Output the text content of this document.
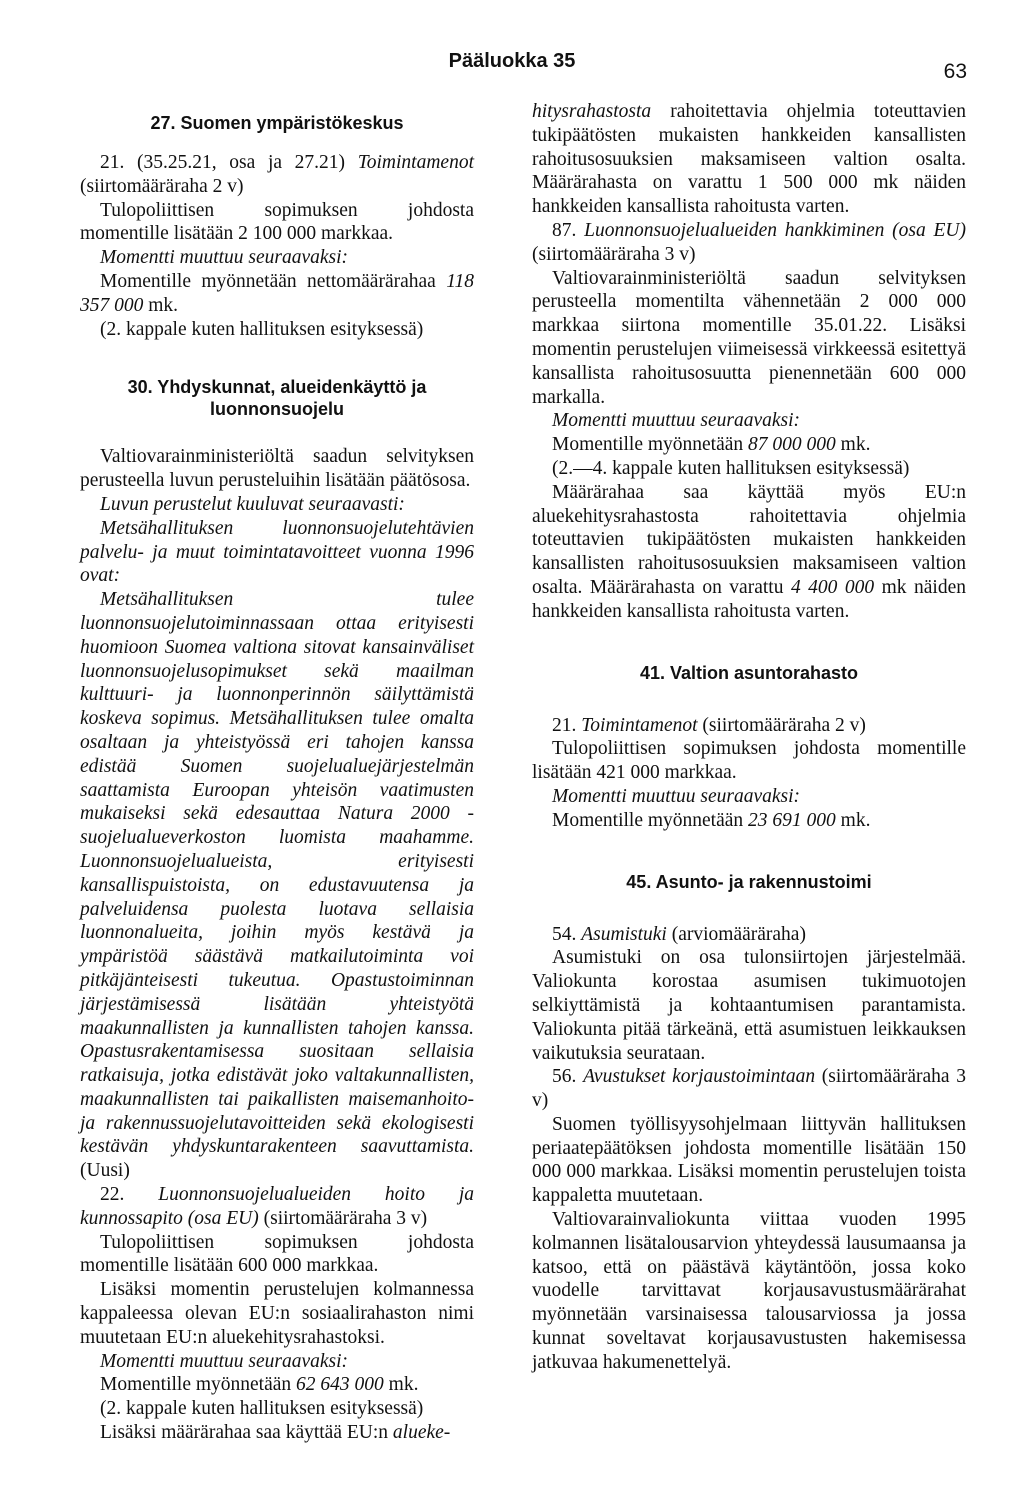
Pääluokka 35	63
27. Suomen ympäristökeskus

21. (35.25.21, osa ja 27.21) Toimintamenot (siirtomääräraha 2 v)

Tulopoliittisen sopimuksen johdosta momentille lisätään 2 100 000 markkaa.

Momentti muuttuu seuraavaksi:

Momentille myönnetään nettomäärärahaa 118 357 000 mk.

(2. kappale kuten hallituksen esityksessä)

30. Yhdyskunnat, alueidenkäyttö ja luonnonsuojelu

Valtiovarainministeriöltä saadun selvityksen perusteella luvun perusteluihin lisätään päätösosa.

Luvun perustelut kuuluvat seuraavasti:

Metsähallituksen luonnonsuojelutehtävien palvelu- ja muut toimintatavoitteet vuonna 1996 ovat:

Metsähallituksen tulee luonnonsuojelutoiminnassaan ottaa erityisesti huomioon Suomea valtiona sitovat kansainväliset luonnonsuojelusopimukset sekä maailman kulttuuri- ja luonnonperinnön säilyttämistä koskeva sopimus. Metsähallituksen tulee omalta osaltaan ja yhteistyössä eri tahojen kanssa edistää Suomen suojelualuejärjestelmän saattamista Euroopan yhteisön vaatimusten mukaiseksi sekä edesauttaa Natura 2000 -suojelualueverkoston luomista maahamme. Luonnonsuojelualueista, erityisesti kansallispuistoista, on edustavuutensa ja palveluidensa puolesta luotava sellaisia luonnonalueita, joihin myös kestävä ja ympäristöä säästävä matkailutoiminta voi pitkäjänteisesti tukeutua. Opastustoiminnan järjestämisessä lisätään yhteistyötä maakunnallisten ja kunnallisten tahojen kanssa. Opastusrakentamisessa suositaan sellaisia ratkaisuja, jotka edistävät joko valtakunnallisten, maakunnallisten tai paikallisten maisemanhoito- ja rakennussuojelutavoitteiden sekä ekologisesti kestävän yhdyskuntarakenteen saavuttamista. (Uusi)

22. Luonnonsuojelualueiden hoito ja kunnossapito (osa EU) (siirtomääräraha 3 v)

Tulopoliittisen sopimuksen johdosta momentille lisätään 600 000 markkaa.

Lisäksi momentin perustelujen kolmannessa kappaleessa olevan EU:n sosiaalirahaston nimi muutetaan EU:n aluekehitysrahastoksi.

Momentti muuttuu seuraavaksi:

Momentille myönnetään 62 643 000 mk.

(2. kappale kuten hallituksen esityksessä)

Lisäksi määrärahaa saa käyttää EU:n alueke-

hitysrahastosta rahoitettavia ohjelmia toteuttavien tukipäätösten mukaisten hankkeiden kansallisten rahoitusosuuksien maksamiseen valtion osalta. Määrärahasta on varattu 1 500 000 mk näiden hankkeiden kansallista rahoitusta varten.

87. Luonnonsuojelualueiden hankkiminen (osa EU) (siirtomääräraha 3 v)

Valtiovarainministeriöltä saadun selvityksen perusteella momentilta vähennetään 2 000 000 markkaa siirtona momentille 35.01.22. Lisäksi momentin perustelujen viimeisessä virkkeessä esitettyä kansallista rahoitusosuutta pienennetään 600 000 markalla.

Momentti muuttuu seuraavaksi:

Momentille myönnetään 87 000 000 mk.

(2.—4. kappale kuten hallituksen esityksessä)

Määrärahaa saa käyttää myös EU:n aluekehitysrahastosta rahoitettavia ohjelmia toteuttavien tukipäätösten mukaisten hankkeiden kansallisten rahoitusosuuksien maksamiseen valtion osalta. Määrärahasta on varattu 4 400 000 mk näiden hankkeiden kansallista rahoitusta varten.

41. Valtion asuntorahasto

21. Toimintamenot (siirtomääräraha 2 v)

Tulopoliittisen sopimuksen johdosta momentille lisätään 421 000 markkaa.

Momentti muuttuu seuraavaksi:

Momentille myönnetään 23 691 000 mk.

45. Asunto- ja rakennustoimi

54. Asumistuki (arviomääräraha)

Asumistuki on osa tulonsiirtojen järjestelmää. Valiokunta korostaa asumisen tukimuotojen selkiyttämistä ja kohtaantumisen parantamista. Valiokunta pitää tärkeänä, että asumistuen leikkauksen vaikutuksia seurataan.

56. Avustukset korjaustoimintaan (siirtomääräraha 3 v)

Suomen työllisyysohjelmaan liittyvän hallituksen periaatepäätöksen johdosta momentille lisätään 150 000 000 markkaa. Lisäksi momentin perustelujen toista kappaletta muutetaan.

Valtiovarainvaliokunta viittaa vuoden 1995 kolmannen lisätalousarvion yhteydessä lausumaansa ja katsoo, että on päästävä käytäntöön, jossa koko vuodelle tarvittavat korjausavustusmäärärahat myönnetään varsinaisessa talousarviossa ja jossa kunnat soveltavat korjausavustusten hakemisessa jatkuvaa hakumenettelyä.
